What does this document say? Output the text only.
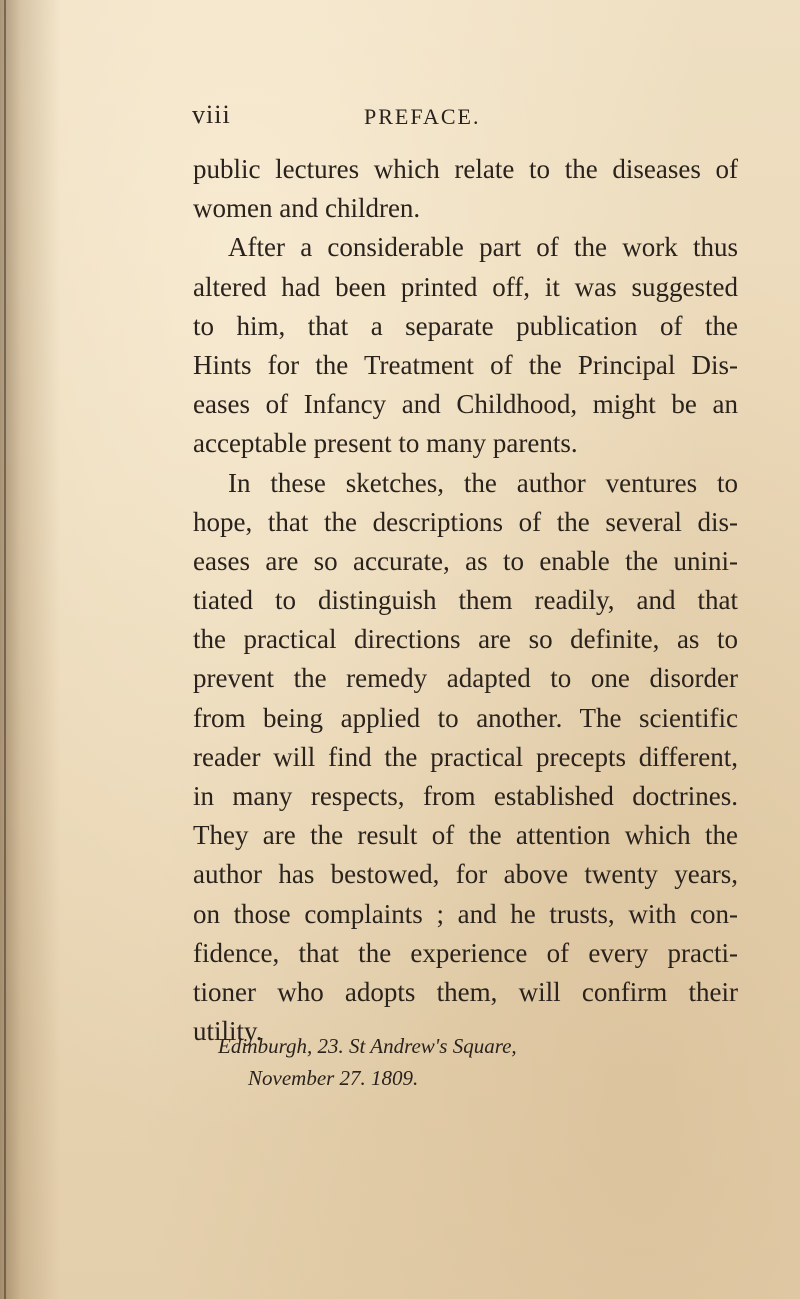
viii	PREFACE.
public lectures which relate to the diseases of
women and children.
After a considerable part of the work thus
altered had been printed off, it was suggested
to him, that a separate publication of the
Hints for the Treatment of the Principal Dis-
eases of Infancy and Childhood, might be an
acceptable present to many parents.
In these sketches, the author ventures to
hope, that the descriptions of the several dis-
eases are so accurate, as to enable the unini-
tiated to distinguish them readily, and that
the practical directions are so definite, as to
prevent the remedy adapted to one disorder
from being applied to another. The scientific
reader will find the practical precepts different,
in many respects, from established doctrines.
They are the result of the attention which the
author has bestowed, for above twenty years,
on those complaints ; and he trusts, with con-
fidence, that the experience of every practi-
tioner who adopts them, will confirm their
utility.
Edinburgh, 23. St Andrew's Square,
November 27. 1809.
